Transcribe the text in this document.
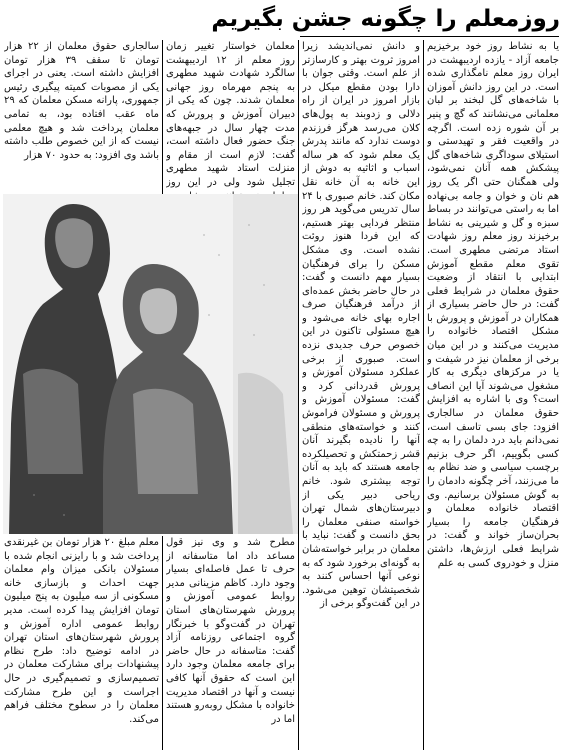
روزمعلم را چگونه جشن بگیریم

یا به نشاط روز خود برخیزیم جامعه آزاد - یازده اردیبهشت در ایران روز معلم نامگذاری شده است. در این روز دانش آموزان با شاخه‌های گل لبخند بر لبان معلمانی می‌نشانند که گچ و پنیر بر آن شوره زده است. اگرچه در واقعیت فقر و تهیدستی و استیلای سوداگری شاخه‌های گل پیشکش همه آنان نمی‌شود، ولی همگنان حتی اگر یک روز هم نان و خوان و جامه بی‌نهاده اما به راستی می‌توانند در بساط سبزه و گل و شیرینی به نشاط برخیزند روز معلم روز شهادت استاد مرتضی مطهری است. تقوی معلم مقطع آموزش ابتدایی با انتقاد از وضعیت حقوق معلمان در شرایط فعلی گفت: در حال حاضر بسیاری از همکاران در آموزش و پرورش با مشکل اقتصاد خانواده را مدیریت می‌کنند و در این میان برخی از معلمان نیز در شیفت و یا در مرکزهای دیگری به کار مشغول می‌شوند آیا این انصاف است؟ وی با اشاره به افزایش حقوق معلمان در سالجاری افزود: جای بسی تاسف است، نمی‌دانم باید درد دلمان را به چه کسی بگوییم، اگر حرف بزنیم برچسب سیاسی و ضد نظام به ما می‌زنند، آخر چگونه دادمان را به گوش مسئولان برسانیم. وی اقتصاد خانواده معلمان و فرهنگیان جامعه را بسیار بحران‌ساز خواند و گفت: در شرایط فعلی ارزش‌ها، داشتن منزل و خودروی کسی به علم

و دانش نمی‌اندیشد زیرا امروز ثروت بهتر و کارسازتر از علم است. وقتی جوان با دارا بودن مقطع میکل در بازار امروز در ایران از راه دلالی و زدوبند به پول‌های کلان می‌رسد هرگز فرزندم دوست ندارد که مانند پدرش یک معلم شود که هر ساله اسباب و اثاثیه به دوش از این خانه به آن خانه نقل مکان کند. خانم صبوری با ۲۴ سال تدریس می‌گوید هر روز منتظر فردایی بهتر هستیم، که این فردا هنوز روئت نشده است. وی مشکل مسکن را برای فرهنگیان بسیار مهم دانست و گفت: در حال حاضر بخش عمده‌ای از درآمد فرهنگیان صرف اجاره بهای خانه می‌شود و هیچ مسئولی تاکنون در این خصوص حرف جدیدی نزده است. صبوری از برخی عملکرد مسئولان آموزش و پرورش قدردانی کرد و گفت: مسئولان آموزش و پرورش و مسئولان فراموش کنند و خواسته‌های منطقی آنها را نادیده بگیرند آنان قشر زحمتکش و تحصیلکرده جامعه هستند که باید به آنان توجه بیشتری شود. خانم ریاحی دبیر یکی از دبیرستان‌های شمال تهران خواسته صنفی معلمان را بحق دانست و گفت: نباید با معلمان در برابر خواسته‌شان به گونه‌ای برخورد شود که به نوعی آنها احساس کنند به شخصیتشان توهین می‌شود. در این گفت‌وگو برخی از

معلمان خواستار تغییر زمان روز معلم از ۱۲ اردیبهشت سالگرد شهادت شهید مطهری به پنجم مهرماه روز جهانی معلمان شدند. چون که یکی از دبیران آموزش و پرورش که مدت چهار سال در جبهه‌های جنگ حضور فعال داشته است، گفت: لازم است از مقام و منزلت استاد شهید مطهری تجلیل شود ولی در این روز

مطرح شد و وی نیز قول مساعد داد اما متاسفانه از حرف تا عمل فاصله‌ای بسیار وجود دارد. کاظم مزینانی مدیر روابط عمومی آموزش و پرورش شهرستان‌های استان تهران در گفت‌وگو با خبرنگار گروه اجتماعی روزنامه آزاد گفت: متاسفانه در حال حاضر برای جامعه معلمان وجود دارد این است که حقوق آنها کافی نیست و آنها در اقتصاد مدیریت خانواده با مشکل روبه‌رو هستند اما در

سالجاری حقوق معلمان از ۲۲ هزار تومان تا سقف ۳۹ هزار تومان افزایش داشته است. یعنی در اجرای یکی از مصوبات کمیته پیگیری رئیس جمهوری، پارانه مسکن معلمان که ۲۹ ماه عقب افتاده بود، به تمامی معلمان پرداخت شد و هیچ معلمی نیست که از این خصوص طلب داشته باشد وی افزود: به حدود ۷۰ هزار

معلم مبلغ ۲۰ هزار تومان بن غیرنقدی پرداخت شد و با رایزنی انجام شده با مسئولان بانکی میزان وام معلمان جهت احداث و بازسازی خانه مسکونی از سه میلیون به پنج میلیون تومان افزایش پیدا کرده است. مدیر روابط عمومی اداره آموزش و پرورش شهرستان‌های استان تهران در ادامه توضیح داد: طرح نظام پیشنهادات برای مشارکت معلمان در تصمیم‌سازی و تصمیم‌گیری در حال اجراست و این طرح مشارکت معلمان را در سطوح مختلف فراهم می‌کند.
